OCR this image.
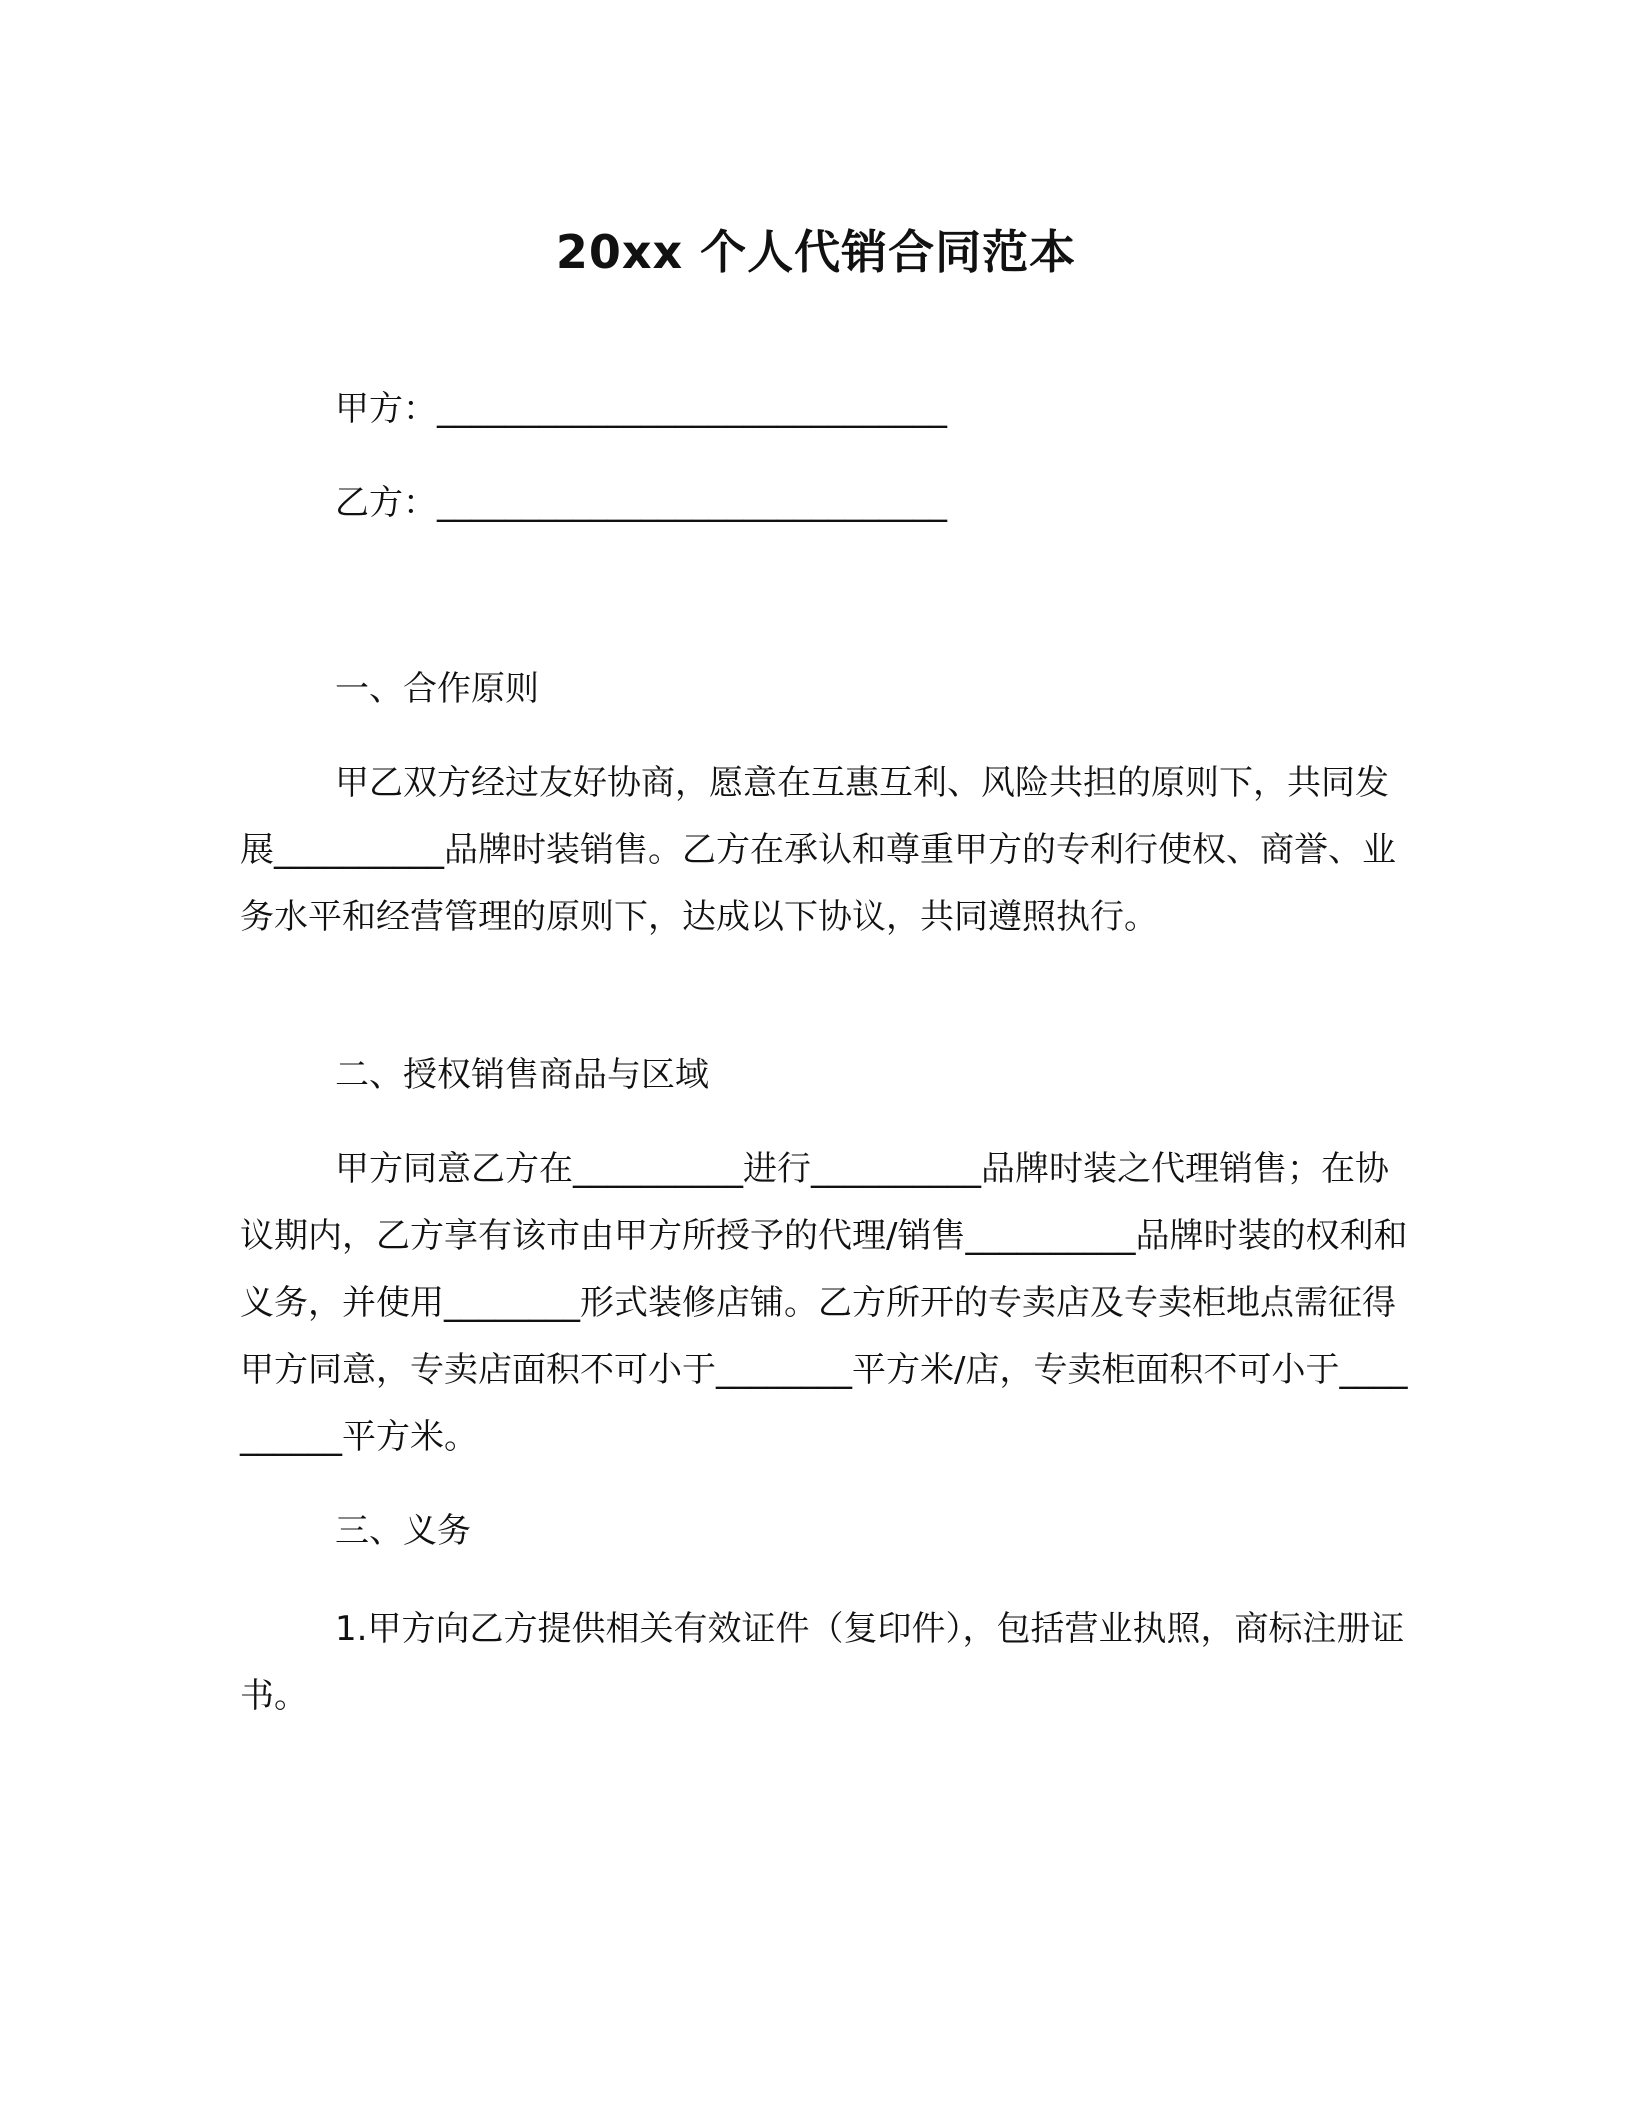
20xx 个人代销合同范本
甲方：______________________________
乙方：______________________________
一、合作原则

甲乙双方经过友好协商，愿意在互惠互利、风险共担的原则下，共同发展__________品牌时装销售。乙方在承认和尊重甲方的专利行使权、商誉、业务水平和经营管理的原则下，达成以下协议，共同遵照执行。

二、授权销售商品与区域

甲方同意乙方在__________进行__________品牌时装之代理销售；在协议期内，乙方享有该市由甲方所授予的代理/销售__________品牌时装的权利和义务，并使用________形式装修店铺。乙方所开的专卖店及专卖柜地点需征得甲方同意，专卖店面积不可小于________平方米/店，专卖柜面积不可小于__________平方米。

三、义务

1.甲方向乙方提供相关有效证件（复印件），包括营业执照，商标注册证书。
